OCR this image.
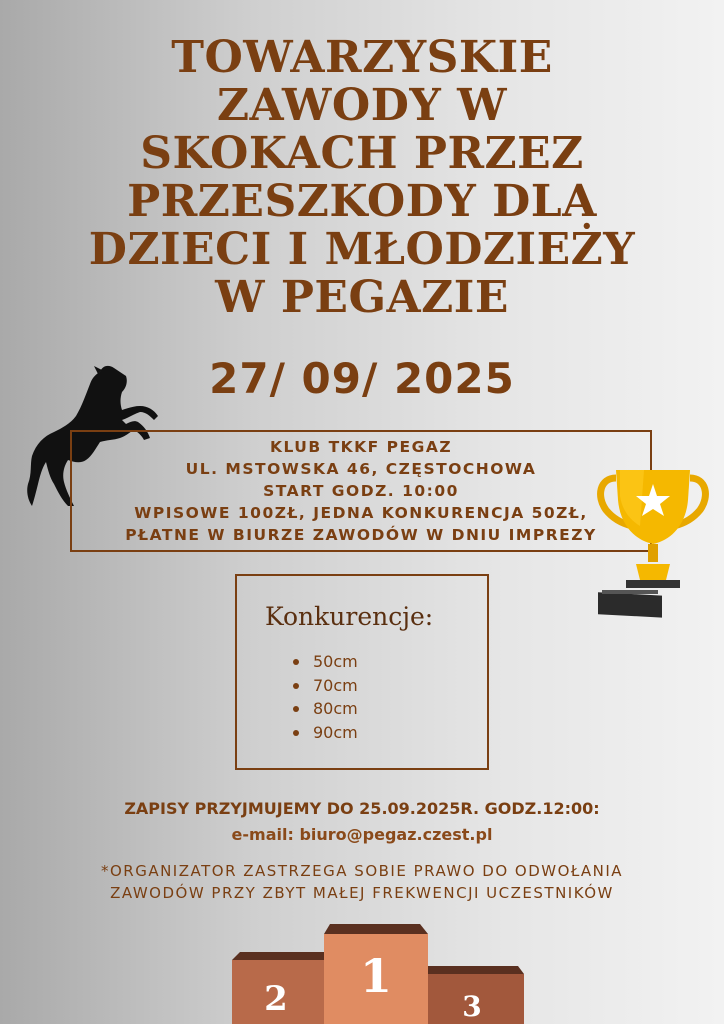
TOWARZYSKIE
ZAWODY W
SKOKACH PRZEZ
PRZESZKODY DLA
DZIECI I MŁODZIEŻY
W PEGAZIE
27/ 09/ 2025
KLUB TKKF PEGAZ
UL. MSTOWSKA 46, CZĘSTOCHOWA
START GODZ. 10:00
WPISOWE 100ZŁ, JEDNA KONKURENCJA 50ZŁ,
PŁATNE W BIURZE ZAWODÓW W DNIU IMPREZY
Konkurencje:
50cm
70cm
80cm
90cm
ZAPISY PRZYJMUJEMY DO 25.09.2025R. GODZ.12:00:
e-mail: biuro@pegaz.czest.pl
*ORGANIZATOR ZASTRZEGA SOBIE PRAWO DO ODWOŁANIA
ZAWODÓW PRZY ZBYT MAŁEJ FREKWENCJI UCZESTNIKÓW
1
2	3
